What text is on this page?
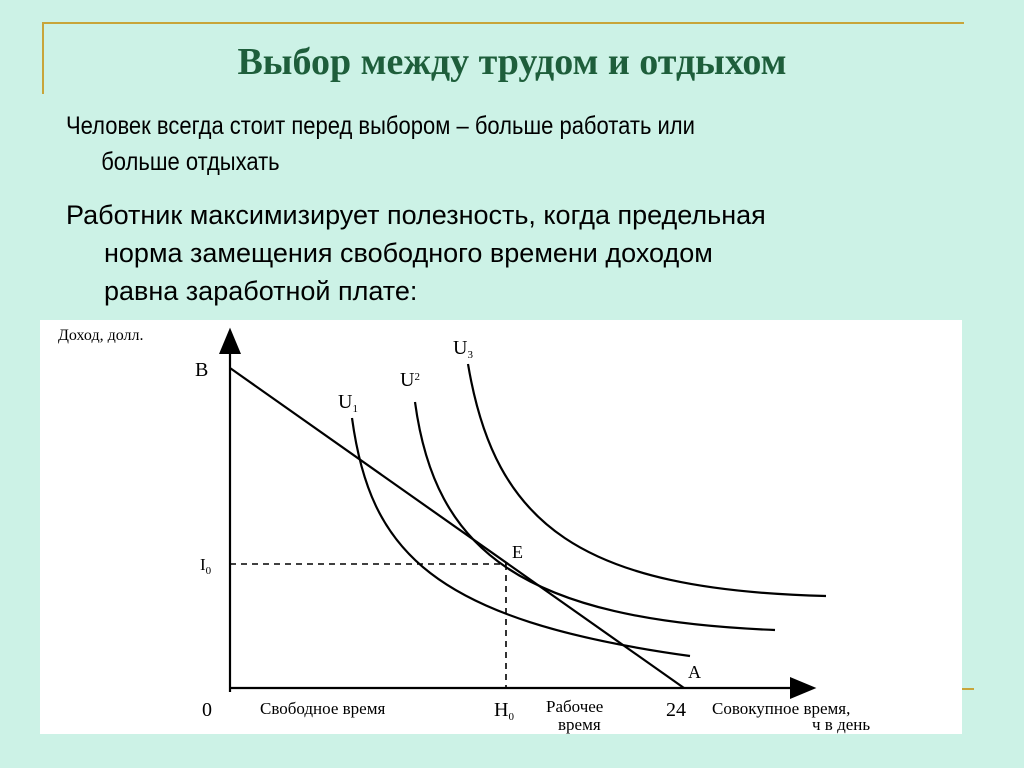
Выбор между трудом и отдыхом
Человек всегда стоит перед выбором – больше работать или
больше отдыхать
Работник максимизирует полезность, когда предельная
норма замещения свободного времени доходом
равна заработной плате:
Доход, долл.
B
A
E
$I_0$
$U_1$
$U^2$
$U_3$
0	Свободное время	$H_0$
Рабочее
время
24 Совокупное время,
ч в день
